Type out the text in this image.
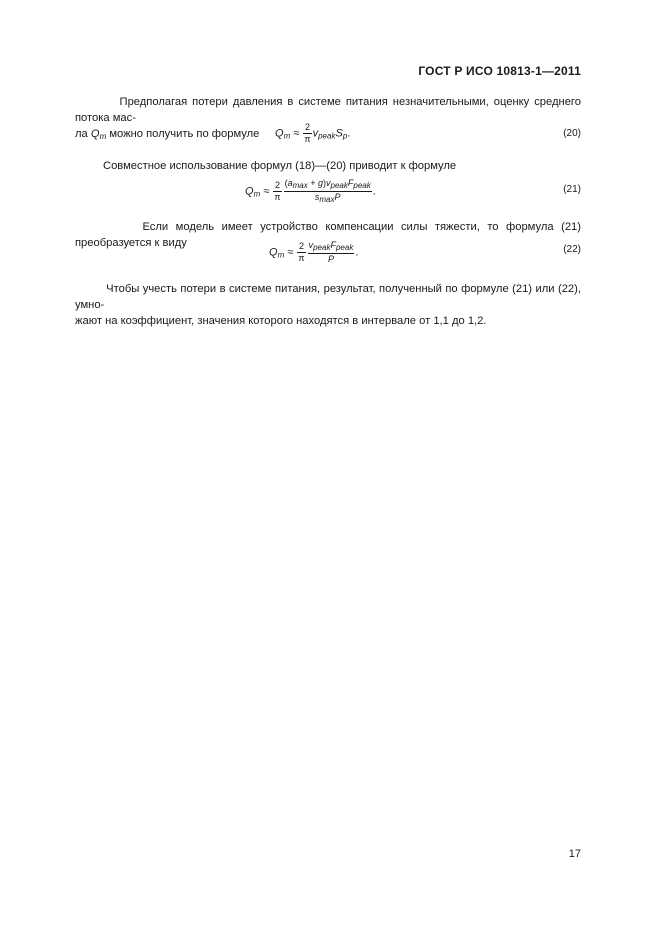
ГОСТ Р ИСО 10813-1—2011
Предполагая потери давления в системе питания незначительными, оценку среднего потока мас-
ла $Q_m$ можно получить по формуле	$Q_m \approx \frac{2}{\pi} v_{peak}S_p$.	(20)
Совместное использование формул (18)—(20) приводит к формуле
$Q_m \approx \frac{2}{\pi} \frac{(a_{max} + g)v_{peak}F_{peak}}{s_{max}P}$ .	(21)
Если модель имеет устройство компенсации силы тяжести, то формула (21) преобразуется к виду
$Q_m \approx \frac{2}{\pi} \frac{v_{peak}F_{peak}}{P}$ .	(22)
Чтобы учесть потери в системе питания, результат, полученный по формуле (21) или (22), умно-
жают на коэффициент, значения которого находятся в интервале от 1,1 до 1,2.
17
